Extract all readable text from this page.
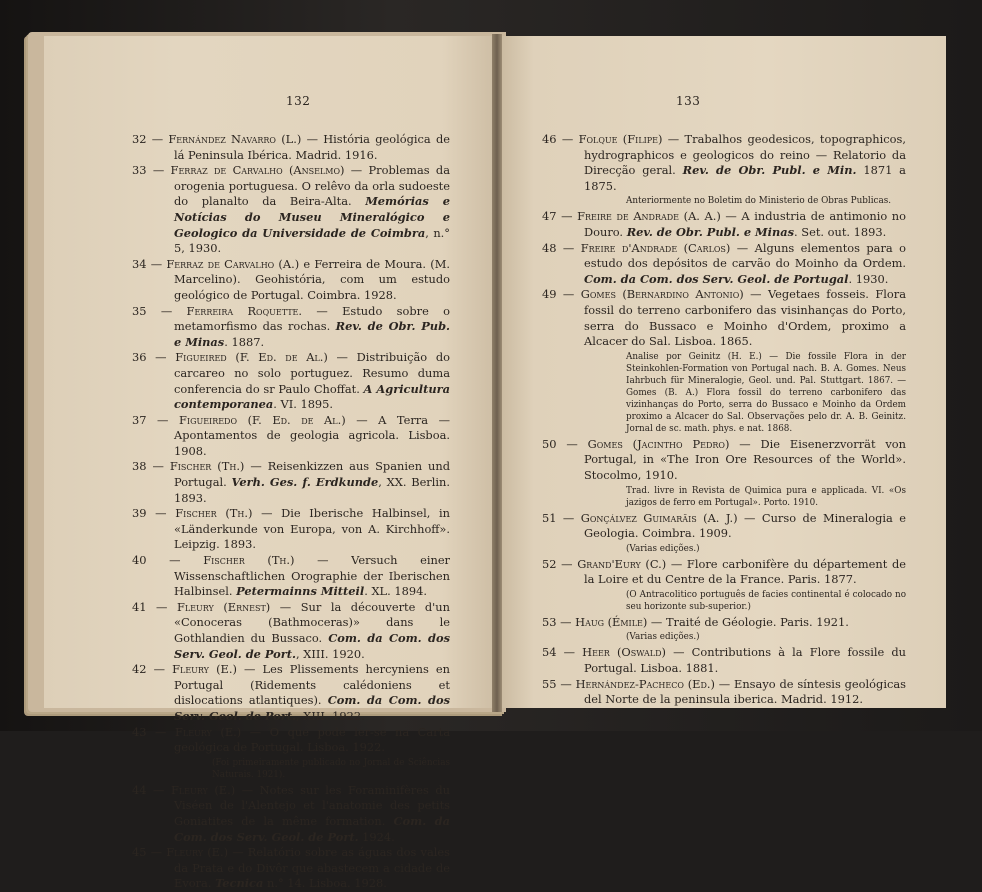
132

32 — Fernández Navarro (L.) — História geológica de lá Peninsula Ibérica. Madrid. 1916.

33 — Ferraz de Carvalho (Anselmo) — Problemas da orogenia portuguesa. O relêvo da orla sudoeste do planalto da Beira-Alta. Memórias e Notícias do Museu Mineralógico e Geologico da Universidade de Coimbra, n.° 5, 1930.

34 — Ferraz de Carvalho (A.) e Ferreira de Moura. (M. Marcelino). Geohistória, com um estudo geológico de Portugal. Coimbra. 1928.

35 — Ferreira Roquette. — Estudo sobre o metamorfismo das rochas. Rev. de Obr. Pub. e Minas. 1887.

36 — Figueired (F. Ed. de Al.) — Distribuição do carcareo no solo portuguez. Resumo duma conferencia do sr Paulo Choffat. A Agricultura contemporanea. VI. 1895.

37 — Figueiredo (F. Ed. de Al.) — A Terra — Apontamentos de geologia agricola. Lisboa. 1908.

38 — Fischer (Th.) — Reisenkizzen aus Spanien und Portugal. Verh. Ges. f. Erdkunde, XX. Berlin. 1893.

39 — Fischer (Th.) — Die Iberische Halbinsel, in «Länderkunde von Europa, von A. Kirchhoff». Leipzig. 1893.

40 — Fischer (Th.) — Versuch einer Wissenschaftlichen Orographie der Iberischen Halbinsel. Petermainns Mitteil. XL. 1894.

41 — Fleury (Ernest) — Sur la découverte d'un «Conoceras (Bathmoceras)» dans le Gothlandien du Bussaco. Com. da Com. dos Serv. Geol. de Port., XIII. 1920.

42 — Fleury (E.) — Les Plissements hercyniens en Portugal (Ridements calédoniens et dislocations atlantiques). Com. da Com. dos Serv. Geol. de Port., XIII. 1922.

43 — Fleury (E.) — O que pode ler-se na Carta geológica de Portugal. Lisboa. 1922.

(Foi primeiramente publicado no Jornal de Sciências Naturais. 1921).

44 — Fleury (E.) — Notes sur les Foraminifères du Viséen de l'Alentejo et l'anatomie des petits Goniatites de la même formation. Com. da Com. dos Serv. Geol. de Port. 1924.

45 — Fleury (E.) — Relatório sobre as águas dos vales da Prata e do Divôr que abastecem a cidade de Evora. Tecnica n.° 14. Lisboa. 1928.

133

46 — Folque (Filipe) — Trabalhos geodesicos, topographicos, hydrographicos e geologicos do reino — Relatorio da Direcção geral. Rev. de Obr. Publ. e Min. 1871 a 1875.

Anteriormente no Boletim do Ministerio de Obras Publicas.

47 — Freire de Andrade (A. A.) — A industria de antimonio no Douro. Rev. de Obr. Publ. e Minas. Set. out. 1893.

48 — Freire d'Andrade (Carlos) — Alguns elementos para o estudo dos depósitos de carvão do Moinho da Ordem. Com. da Com. dos Serv. Geol. de Portugal. 1930.

49 — Gomes (Bernardino Antonio) — Vegetaes fosseis. Flora fossil do terreno carbonifero das visinhanças do Porto, serra do Bussaco e Moinho d'Ordem, proximo a Alcacer do Sal. Lisboa. 1865.

Analise por Geinitz (H. E.) — Die fossile Flora in der Steinkohlen-Formation von Portugal nach. B. A. Gomes. Neus Iahrbuch für Mineralogie, Geol. und. Pal. Stuttgart. 1867. — Gomes (B. A.) Flora fossil do terreno carbonifero das vizinhanças do Porto, serra do Bussaco e Moinho da Ordem proximo a Alcacer do Sal. Observações pelo dr. A. B. Geinitz. Jornal de sc. math. phys. e nat. 1868.

50 — Gomes (Jacintho Pedro) — Die Eisenerzvorrät von Portugal, in «The Iron Ore Resources of the World». Stocolmo, 1910.

Trad. livre in Revista de Quimica pura e applicada. VI. «Os jazigos de ferro em Portugal». Porto. 1910.

51 — Gonçálvez Guimarãis (A. J.) — Curso de Mineralogia e Geologia. Coimbra. 1909.

(Varias edições.)

52 — Grand'Eury (C.) — Flore carbonifère du département de la Loire et du Centre de la France. Paris. 1877.

(O Antracolitico português de facies continental é colocado no seu horizonte sub-superior.)

53 — Haug (Émile) — Traité de Géologie. Paris. 1921.

(Varias edições.)

54 — Heer (Oswald) — Contributions à la Flore fossile du Portugal. Lisboa. 1881.

55 — Hernández-Pacheco (Ed.) — Ensayo de síntesis geológicas del Norte de la peninsula iberica. Madrid. 1912.
